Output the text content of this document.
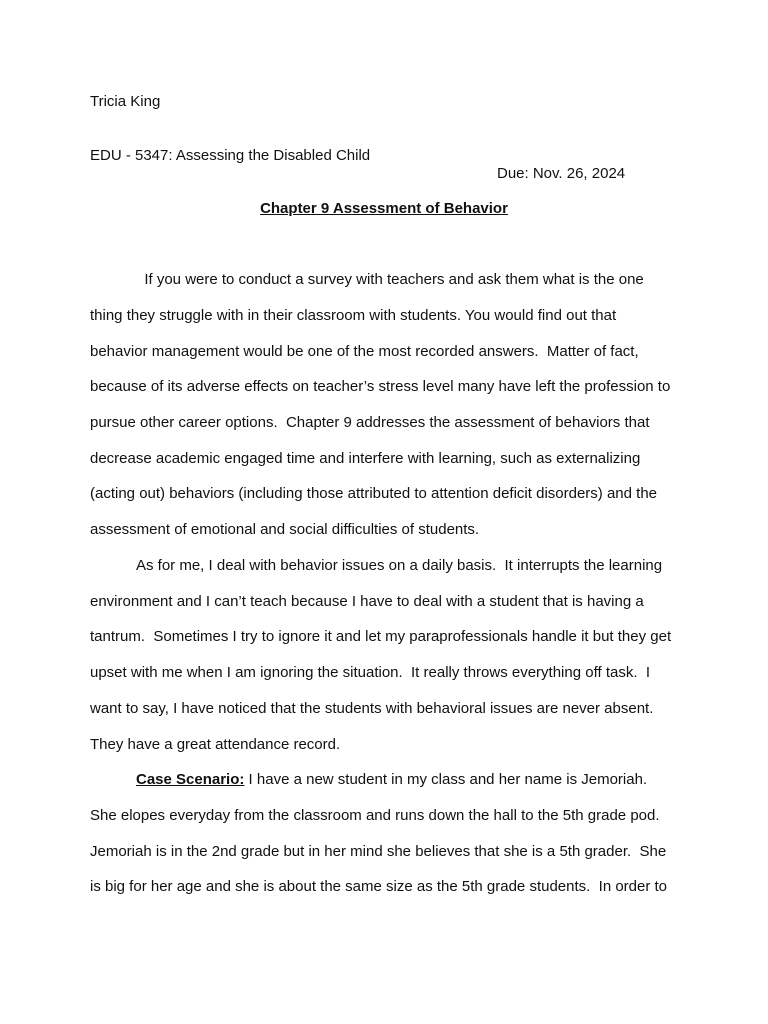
Tricia King

EDU - 5347: Assessing the Disabled Child

Due: Nov. 26, 2024

Chapter 9 Assessment of Behavior
If you were to conduct a survey with teachers and ask them what is the one
thing they struggle with in their classroom with students. You would find out that
behavior management would be one of the most recorded answers.  Matter of fact,
because of its adverse effects on teacher’s stress level many have left the profession to
pursue other career options.  Chapter 9 addresses the assessment of behaviors that
decrease academic engaged time and interfere with learning, such as externalizing
(acting out) behaviors (including those attributed to attention deficit disorders) and the
assessment of emotional and social difficulties of students.
As for me, I deal with behavior issues on a daily basis.  It interrupts the learning
environment and I can’t teach because I have to deal with a student that is having a
tantrum.  Sometimes I try to ignore it and let my paraprofessionals handle it but they get
upset with me when I am ignoring the situation.  It really throws everything off task.  I
want to say, I have noticed that the students with behavioral issues are never absent.
They have a great attendance record.
Case Scenario: I have a new student in my class and her name is Jemoriah.
She elopes everyday from the classroom and runs down the hall to the 5th grade pod.
Jemoriah is in the 2nd grade but in her mind she believes that she is a 5th grader.  She
is big for her age and she is about the same size as the 5th grade students.  In order to
